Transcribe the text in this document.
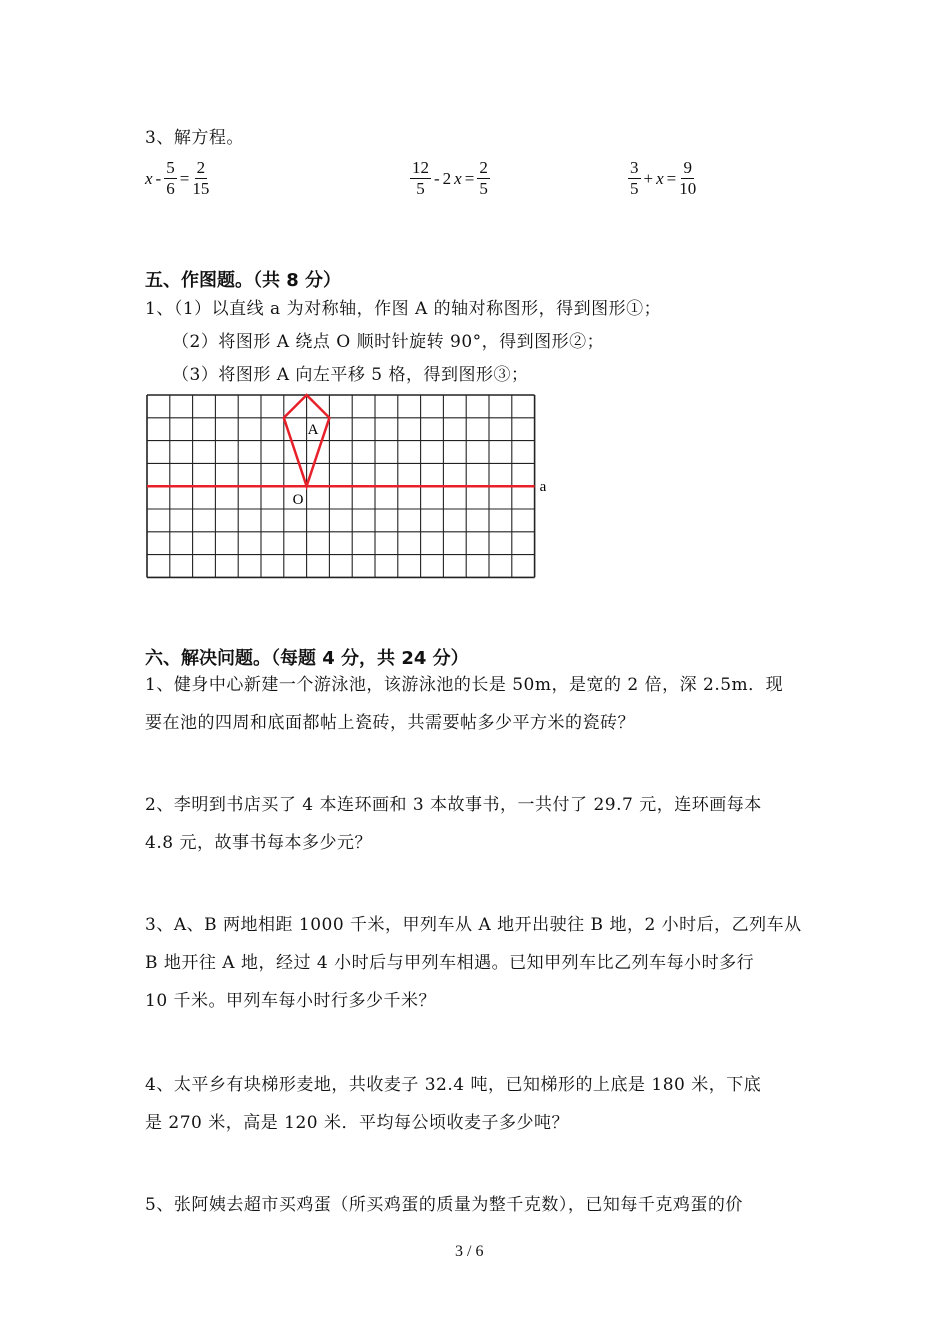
3、解方程。
$x - \frac{5}{6} = \frac{2}{15}$	$\frac{12}{5} - 2$ $x = \frac{2}{5}$	$\frac{3}{5} + x = \frac{9}{10}$
五、作图题。（共 8 分）
1、（1）以直线 a 为对称轴，作图 A 的轴对称图形，得到图形①；
（2）将图形 A 绕点 O 顺时针旋转 90°，得到图形②；
（3）将图形 A 向左平移 5 格，得到图形③；
A
O
a
六、解决问题。（每题 4 分，共 24 分）
1、健身中心新建一个游泳池，该游泳池的长是 50m，是宽的 2 倍，深 2.5m．现
要在池的四周和底面都帖上瓷砖，共需要帖多少平方米的瓷砖？
2、李明到书店买了 4 本连环画和 3 本故事书，一共付了 29.7 元，连环画每本
4.8 元，故事书每本多少元？
3、A、B 两地相距 1000 千米，甲列车从 A 地开出驶往 B 地，2 小时后，乙列车从
B 地开往 A 地，经过 4 小时后与甲列车相遇。已知甲列车比乙列车每小时多行
10 千米。甲列车每小时行多少千米？
4、太平乡有块梯形麦地，共收麦子 32.4 吨，已知梯形的上底是 180 米，下底
是 270 米，高是 120 米．平均每公顷收麦子多少吨？
5、张阿姨去超市买鸡蛋（所买鸡蛋的质量为整千克数），已知每千克鸡蛋的价
3 / 6
